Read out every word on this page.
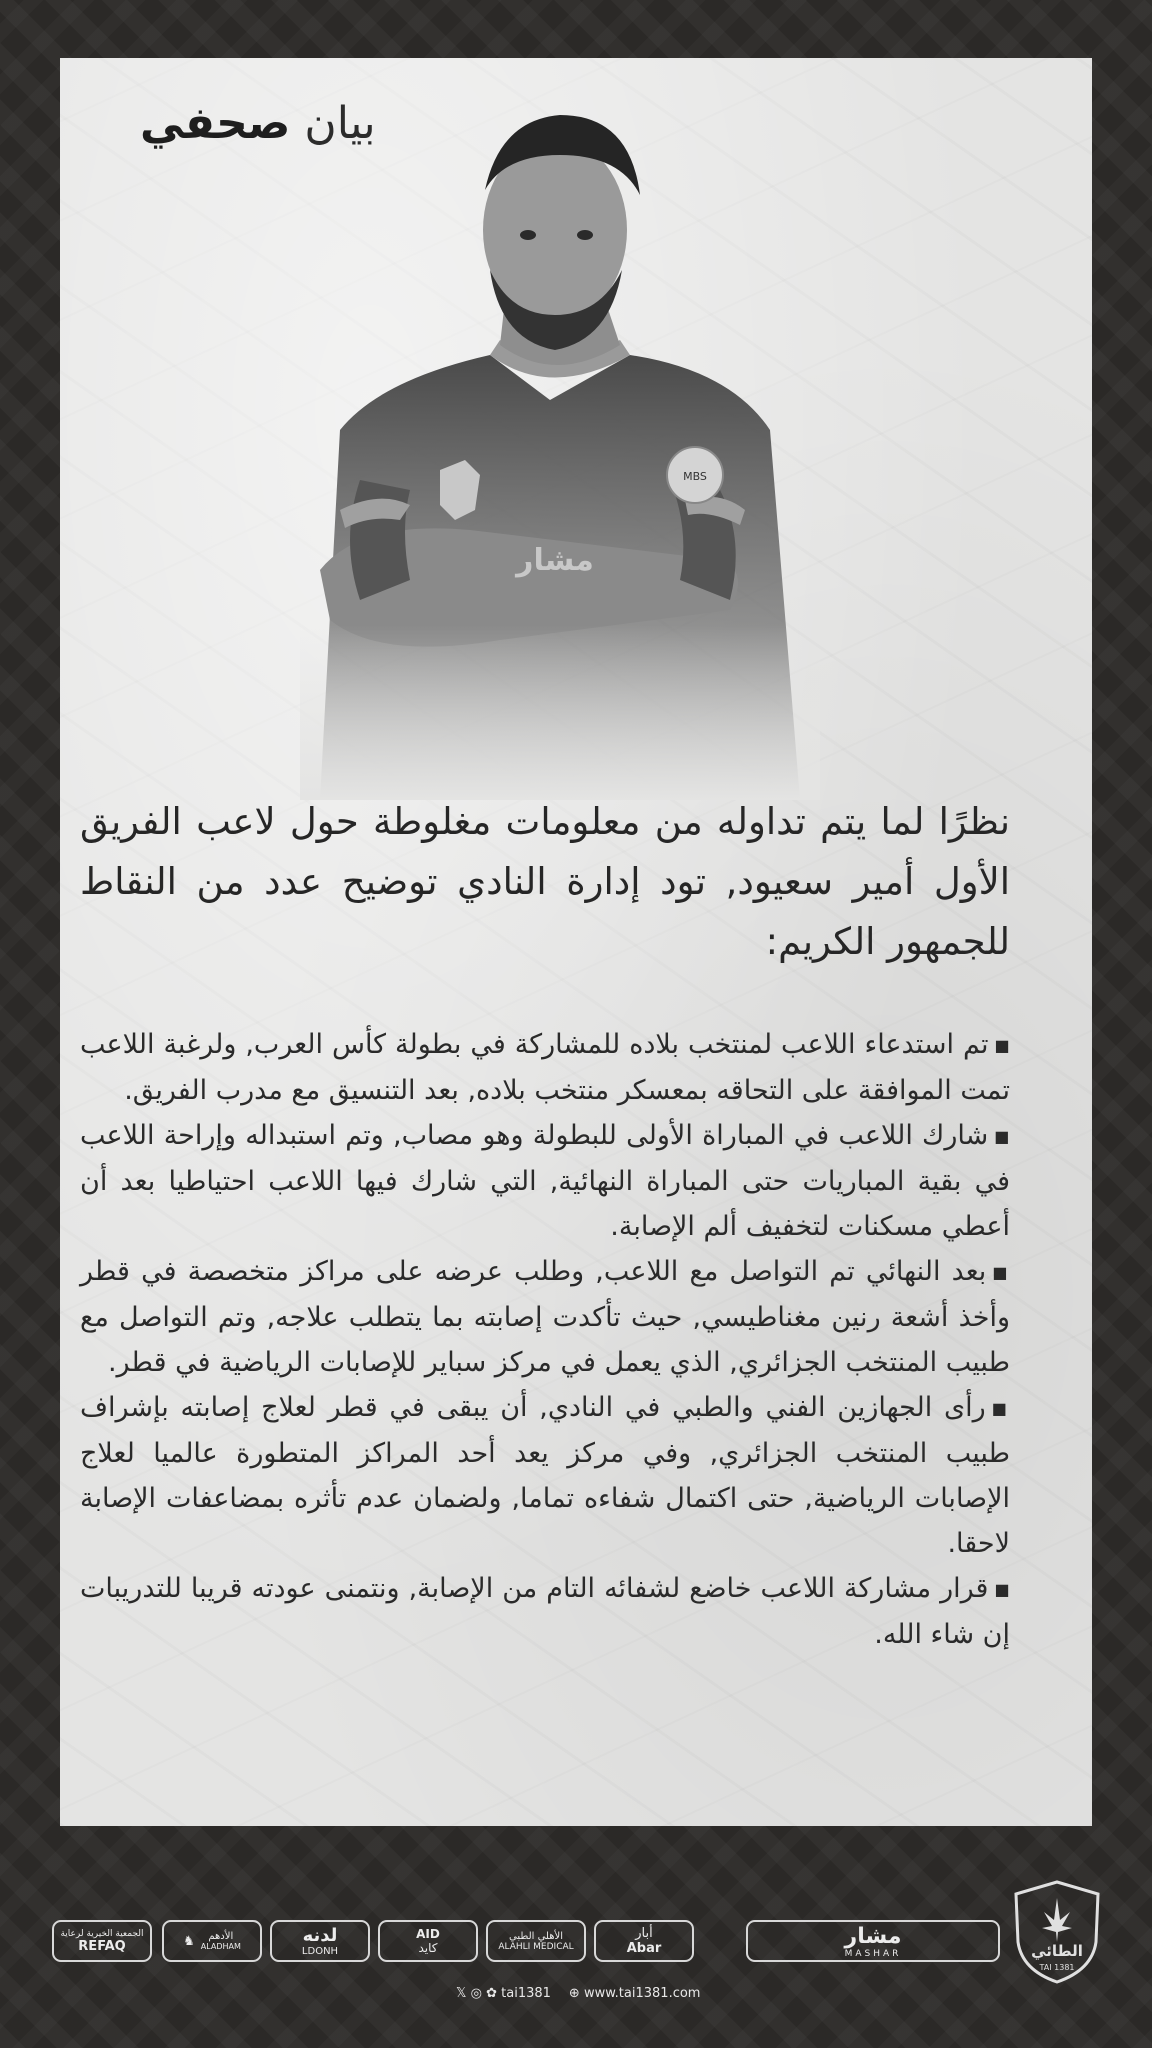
صحفي
نظرًا لما يتم تداوله من معلومات مغلوطة حول لاعب الفريق الأول أمير سعيود, تود إدارة النادي توضيح عدد من النقاط للجمهور الكريم:

■تم استدعاء اللاعب لمنتخب بلاده للمشاركة في بطولة كأس العرب, ولرغبة اللاعب تمت الموافقة على التحاقه بمعسكر منتخب بلاده, بعد التنسيق مع مدرب الفريق.

■شارك اللاعب في المباراة الأولى للبطولة وهو مصاب, وتم استبداله وإراحة اللاعب في بقية المباريات حتى المباراة النهائية, التي شارك فيها اللاعب احتياطيا بعد أن أعطي مسكنات لتخفيف ألم الإصابة.

■بعد النهائي تم التواصل مع اللاعب, وطلب عرضه على مراكز متخصصة في قطر وأخذ أشعة رنين مغناطيسي, حيث تأكدت إصابته بما يتطلب علاجه, وتم التواصل مع طبيب المنتخب الجزائري, الذي يعمل في مركز سباير للإصابات الرياضية في قطر.

■رأى الجهازين الفني والطبي في النادي, أن يبقى في قطر لعلاج إصابته بإشراف طبيب المنتخب الجزائري, وفي مركز يعد أحد المراكز المتطورة عالميا لعلاج الإصابات الرياضية, حتى اكتمال شفاءه تماما, ولضمان عدم تأثره بمضاعفات الإصابة لاحقا.

■قرار مشاركة اللاعب خاضع لشفائه التام من الإصابة, ونتمنى عودته قريبا للتدريبات إن شاء الله.

الجمعية الخيرية لرعاية
REFAQ	♞ الأدهم
ALADHAM
لدنه
LDONH
AID
كايد
الأهلي الطبي
ALAHLI MEDICAL
أبار
Abar	مشار
MASHAR	الطائي
TAI 1381
𝕏 ◎ ✿ tai1381 ⊕ www.tai1381.com
